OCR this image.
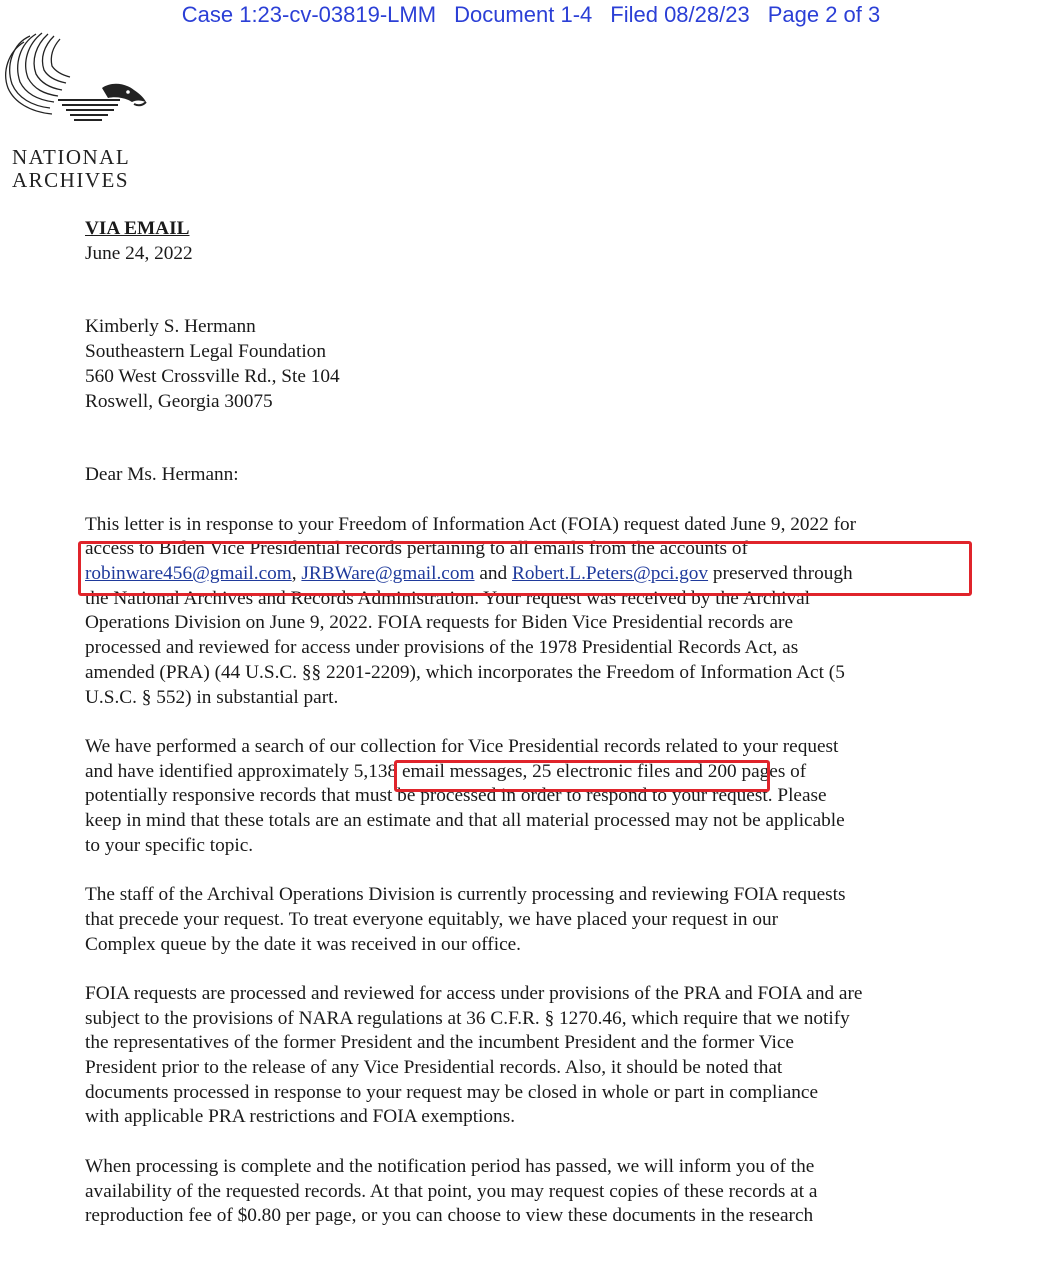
Case 1:23-cv-03819-LMM Document 1-4 Filed 08/28/23 Page 2 of 3
NATIONAL
ARCHIVES
VIA EMAIL
June 24, 2022
Kimberly S. Hermann
Southeastern Legal Foundation
560 West Crossville Rd., Ste 104
Roswell, Georgia 30075
Dear Ms. Hermann:
This letter is in response to your Freedom of Information Act (FOIA) request dated June 9, 2022 for
access to Biden Vice Presidential records pertaining to all emails from the accounts of
robinware456@gmail.com, JRBWare@gmail.com and Robert.L.Peters@pci.gov preserved through
the National Archives and Records Administration. Your request was received by the Archival
Operations Division on June 9, 2022. FOIA requests for Biden Vice Presidential records are
processed and reviewed for access under provisions of the 1978 Presidential Records Act, as
amended (PRA) (44 U.S.C. §§ 2201-2209), which incorporates the Freedom of Information Act (5
U.S.C. § 552) in substantial part.
We have performed a search of our collection for Vice Presidential records related to your request
and have identified approximately 5,138 email messages, 25 electronic files and 200 pages of
potentially responsive records that must be processed in order to respond to your request. Please
keep in mind that these totals are an estimate and that all material processed may not be applicable
to your specific topic.
The staff of the Archival Operations Division is currently processing and reviewing FOIA requests
that precede your request. To treat everyone equitably, we have placed your request in our
Complex queue by the date it was received in our office.
FOIA requests are processed and reviewed for access under provisions of the PRA and FOIA and are
subject to the provisions of NARA regulations at 36 C.F.R. § 1270.46, which require that we notify
the representatives of the former President and the incumbent President and the former Vice
President prior to the release of any Vice Presidential records. Also, it should be noted that
documents processed in response to your request may be closed in whole or part in compliance
with applicable PRA restrictions and FOIA exemptions.
When processing is complete and the notification period has passed, we will inform you of the
availability of the requested records. At that point, you may request copies of these records at a
reproduction fee of $0.80 per page, or you can choose to view these documents in the research
